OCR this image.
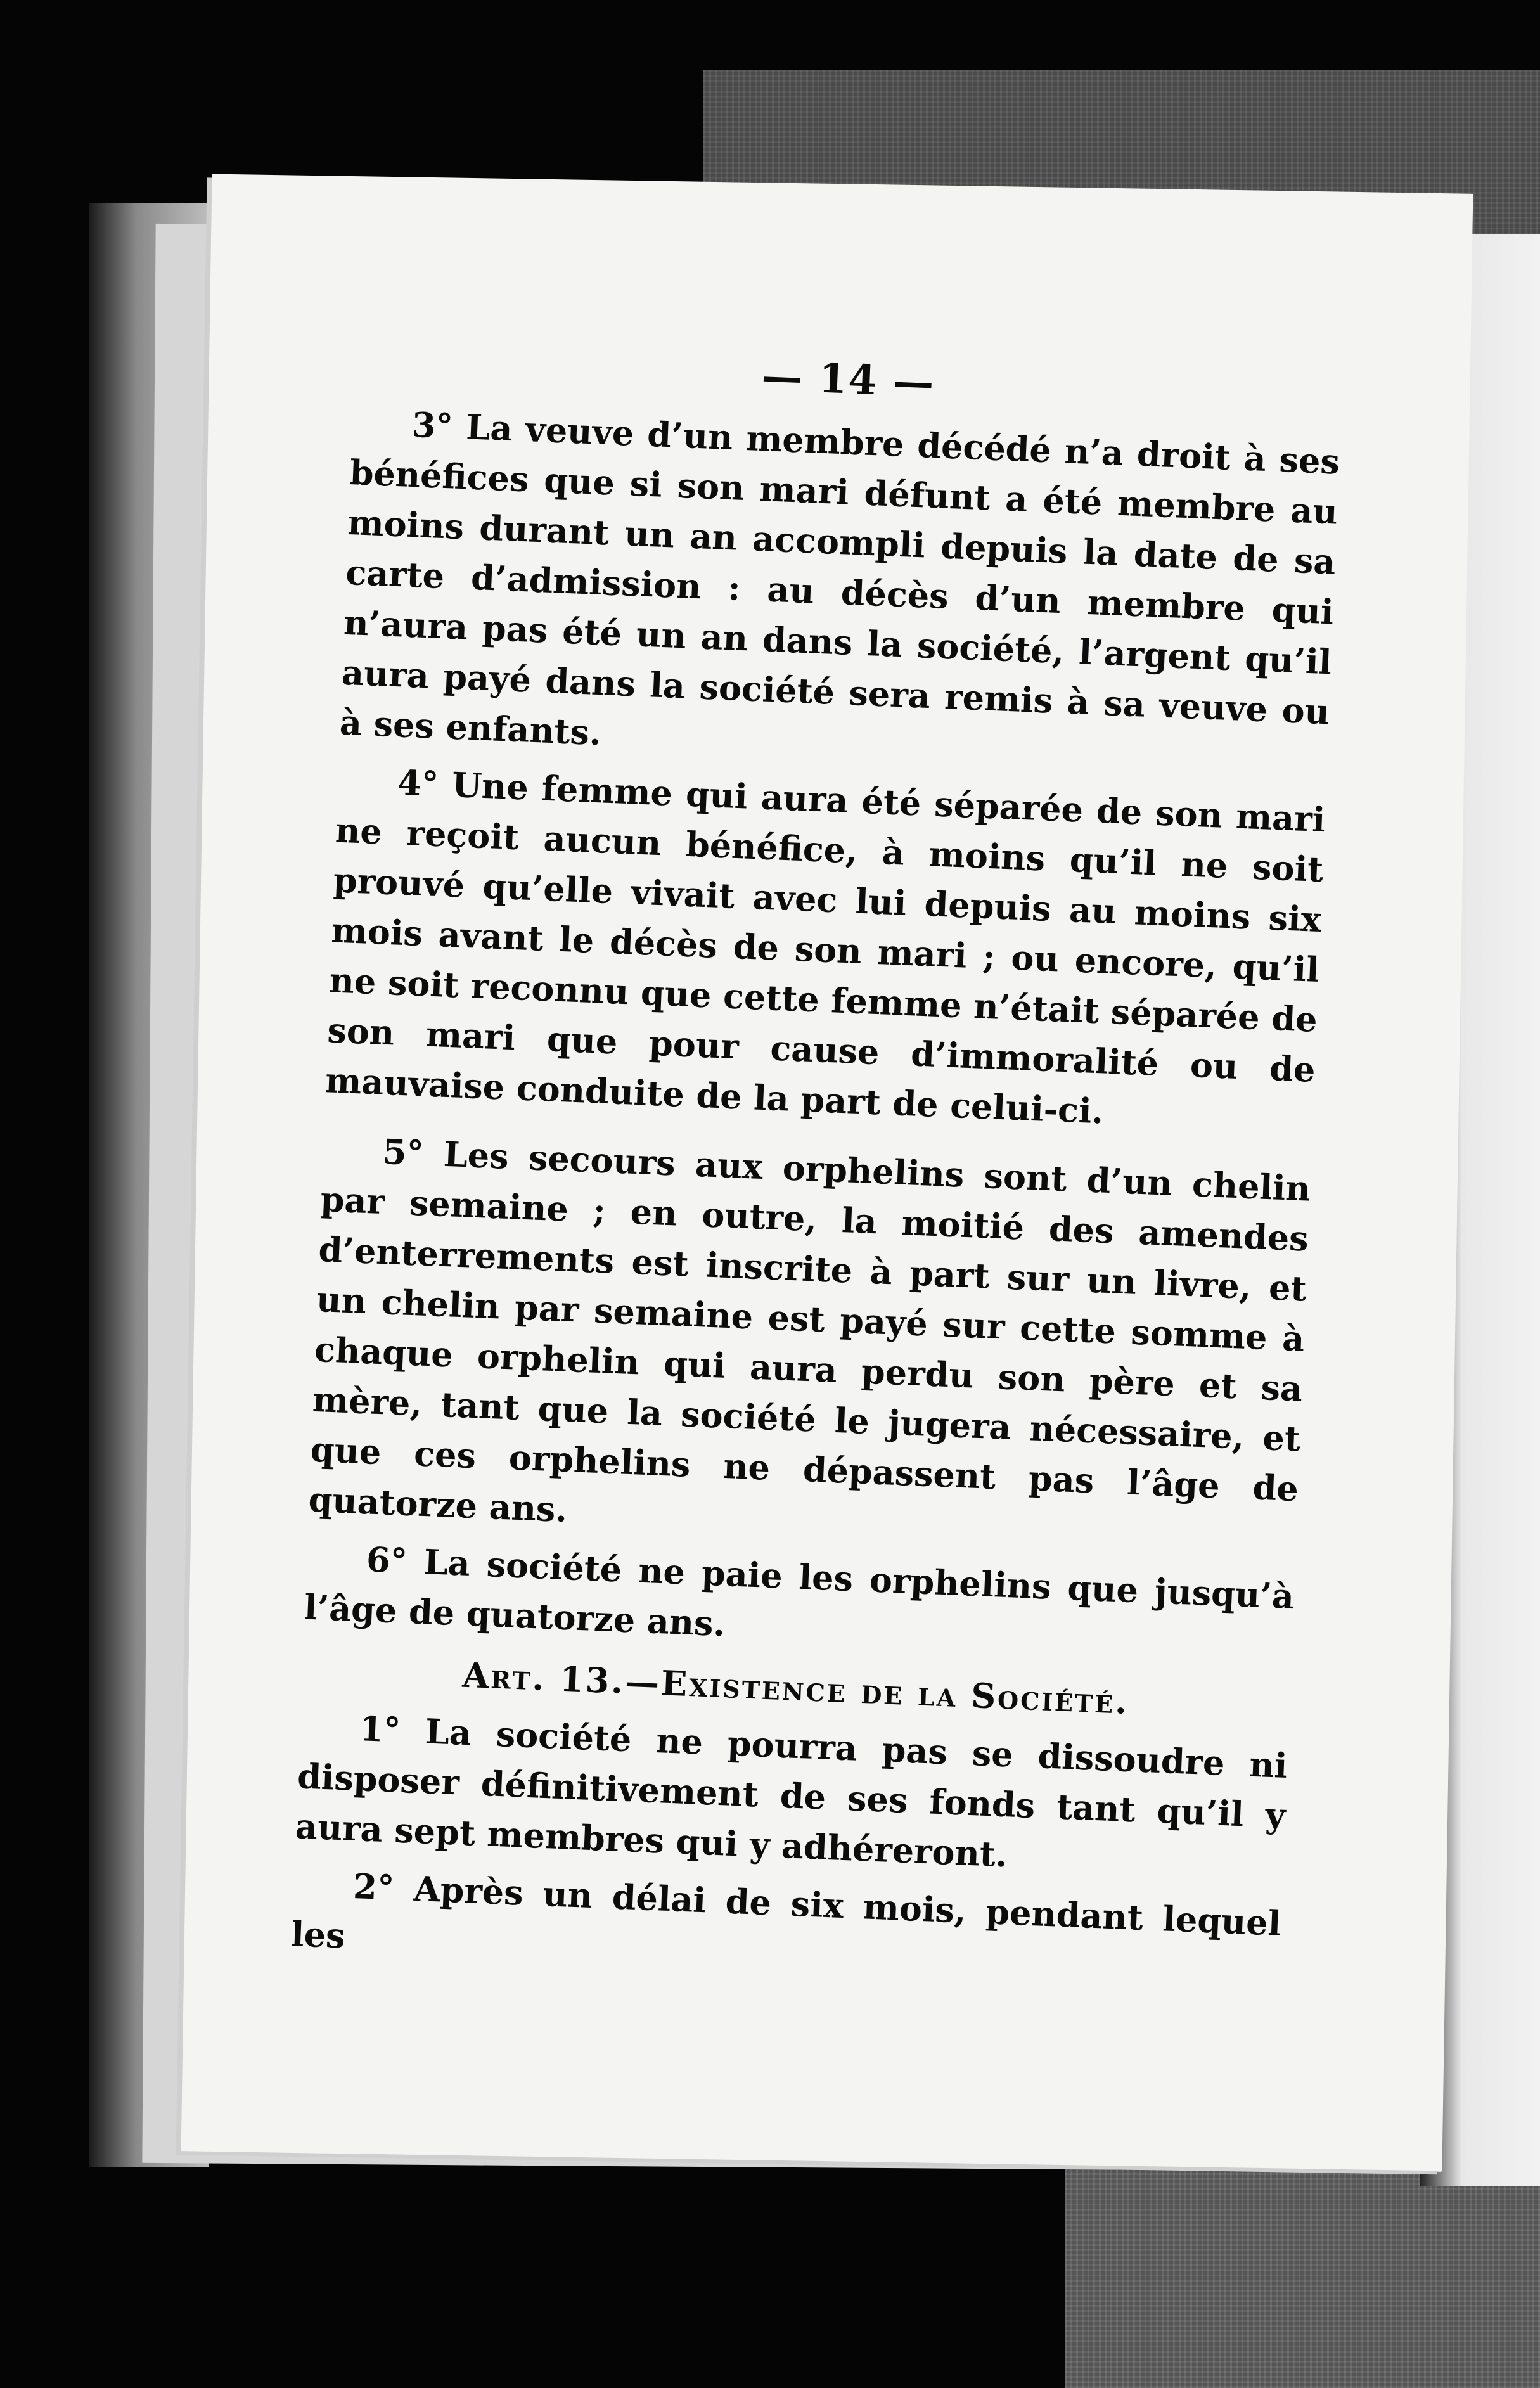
— 14 —

3° La veuve d’un membre décédé n’a droit à ses bénéfices que si son mari défunt a été membre au moins durant un an accompli depuis la date de sa carte d’admission : au décès d’un membre qui n’aura pas été un an dans la société, l’argent qu’il aura payé dans la société sera remis à sa veuve ou à ses enfants.

4° Une femme qui aura été séparée de son mari ne reçoit aucun bénéfice, à moins qu’il ne soit prouvé qu’elle vivait avec lui depuis au moins six mois avant le décès de son mari ; ou encore, qu’il ne soit reconnu que cette femme n’était séparée de son mari que pour cause d’immoralité ou de mauvaise conduite de la part de celui-ci.

5° Les secours aux orphelins sont d’un chelin par semaine ; en outre, la moitié des amendes d’enterrements est inscrite à part sur un livre, et un chelin par semaine est payé sur cette somme à chaque orphelin qui aura perdu son père et sa mère, tant que la société le jugera nécessaire, et que ces orphelins ne dépassent pas l’âge de quatorze ans.

6° La société ne paie les orphelins que jusqu’à l’âge de quatorze ans.

Art. 13.—Existence de la Société.

1° La société ne pourra pas se dissoudre ni disposer définitivement de ses fonds tant qu’il y aura sept membres qui y adhéreront.

2° Après un délai de six mois, pendant lequel les
